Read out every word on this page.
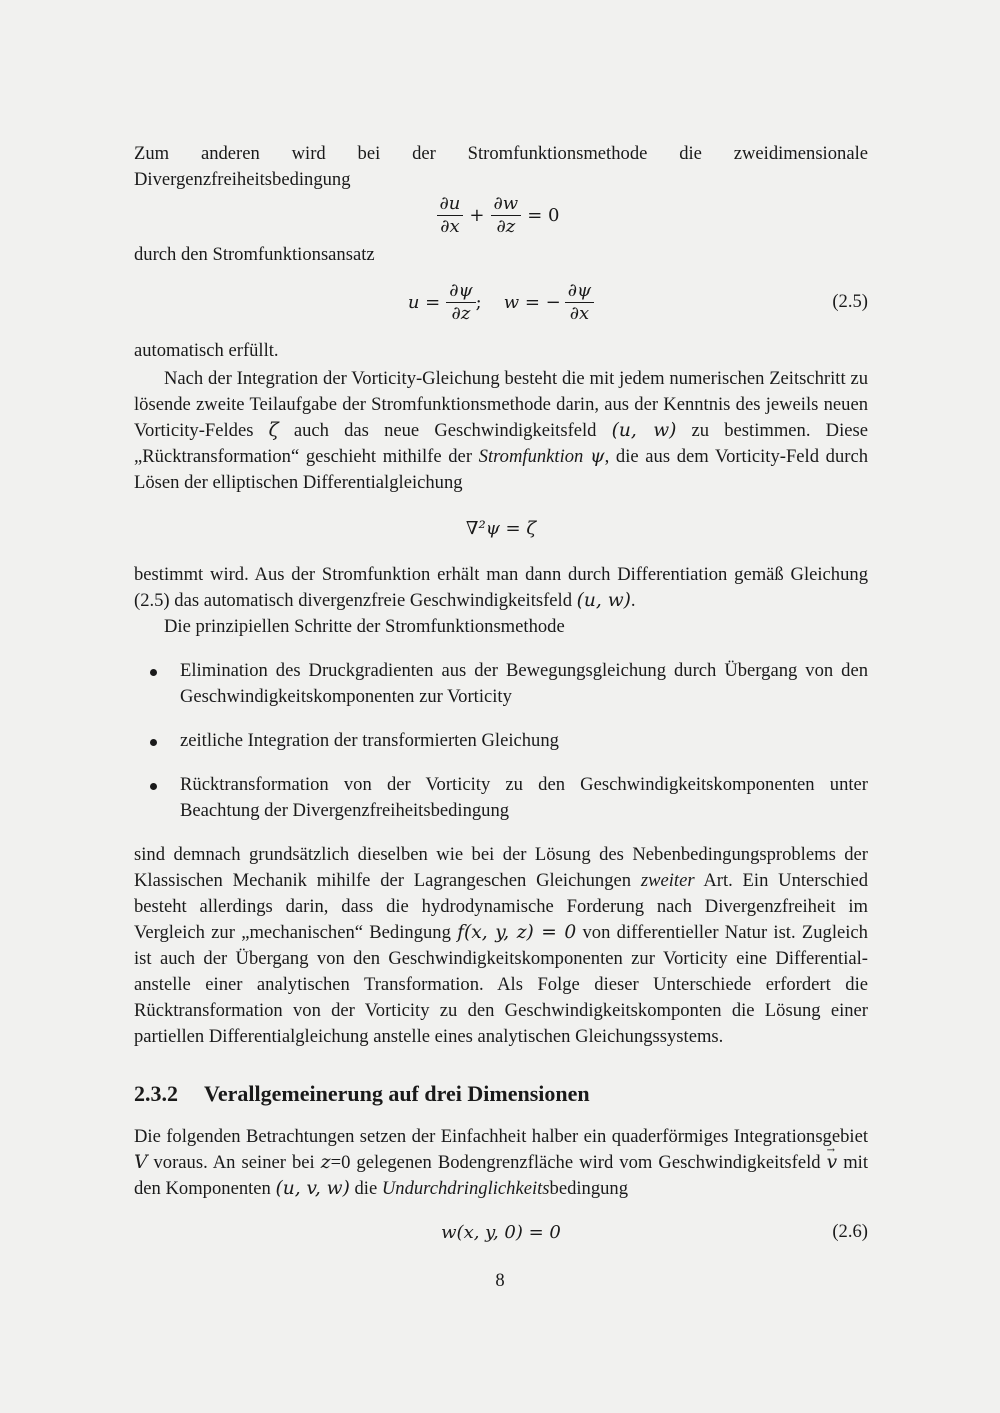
Zum anderen wird bei der Stromfunktionsmethode die zweidimensionale Divergenzfreiheitsbedingung

$\frac{\partial u}{\partial x} + \frac{\partial w}{\partial z} = 0$

durch den Stromfunktionsansatz

$u = \frac{\partial\psi}{\partial z}$ ; w = − $\frac{\partial\psi}{\partial x}$	(2.5)

automatisch erfüllt.

Nach der Integration der Vorticity-Gleichung besteht die mit jedem numerischen Zeitschritt zu lösende zweite Teilaufgabe der Stromfunktionsmethode darin, aus der Kenntnis des jeweils neuen Vorticity-Feldes ζ auch das neue Geschwindigkeitsfeld (u, w) zu bestimmen. Diese „Rücktransformation“ geschieht mithilfe der Stromfunktion ψ, die aus dem Vorticity-Feld durch Lösen der elliptischen Differentialgleichung

∇²ψ = ζ

bestimmt wird. Aus der Stromfunktion erhält man dann durch Differentiation gemäß Gleichung (2.5) das automatisch divergenzfreie Geschwindigkeitsfeld (u, w).

Die prinzipiellen Schritte der Stromfunktionsmethode

Elimination des Druckgradienten aus der Bewegungsgleichung durch Übergang von den Geschwindigkeitskomponenten zur Vorticity
zeitliche Integration der transformierten Gleichung
Rücktransformation von der Vorticity zu den Geschwindigkeitskomponenten unter Beachtung der Divergenzfreiheitsbedingung

sind demnach grundsätzlich dieselben wie bei der Lösung des Nebenbedingungsproblems der Klassischen Mechanik mihilfe der Lagrangeschen Gleichungen zweiter Art. Ein Unterschied besteht allerdings darin, dass die hydrodynamische Forderung nach Divergenzfreiheit im Vergleich zur „mechanischen“ Bedingung f(x, y, z) = 0 von differentieller Natur ist. Zugleich ist auch der Übergang von den Geschwindigkeitskomponenten zur Vorticity eine Differential- anstelle einer analytischen Transformation. Als Folge dieser Unterschiede erfordert die Rücktransformation von der Vorticity zu den Geschwindigkeitskomponten die Lösung einer partiellen Differentialgleichung anstelle eines analytischen Gleichungssystems.

2.3.2 Verallgemeinerung auf drei Dimensionen

Die folgenden Betrachtungen setzen der Einfachheit halber ein quaderförmiges Integrationsgebiet V voraus. An seiner bei z=0 gelegenen Bodengrenzfläche wird vom Geschwindigkeitsfeld → v mit den Komponenten (u, v, w) die Undurchdringlichkeitsbedingung

w(x, y, 0) = 0	(2.6)
8
